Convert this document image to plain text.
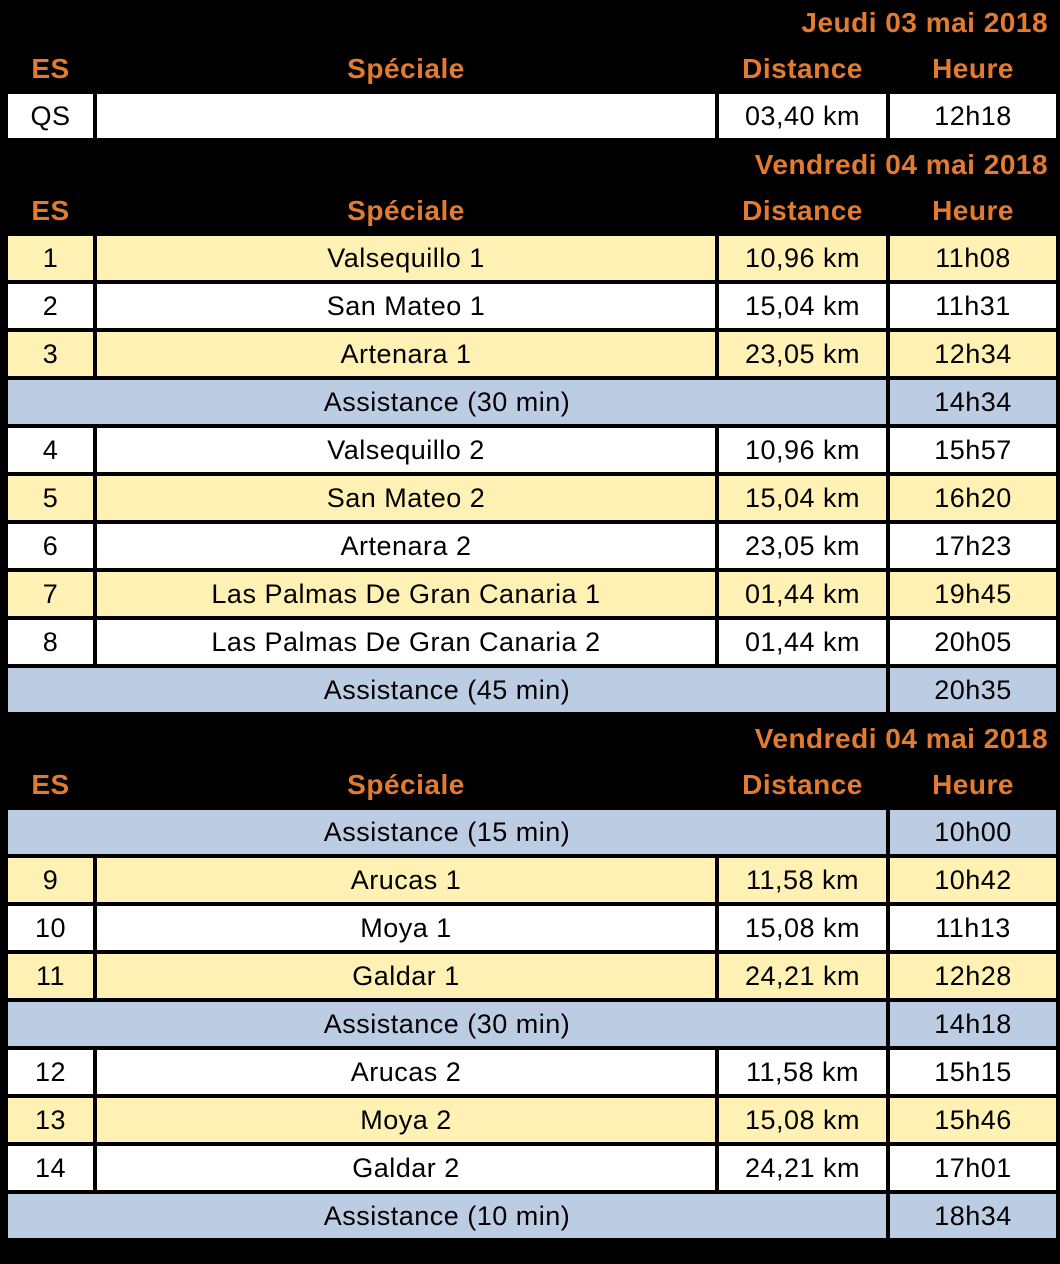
Jeudi 03 mai 2018			
ES	Spéciale	Distance	Heure
QS		03,40 km	12h18
Vendredi 04 mai 2018			
ES	Spéciale	Distance	Heure
1	Valsequillo 1	10,96 km	11h08
2	San Mateo 1	15,04 km	11h31
3	Artenara 1	23,05 km	12h34
Assistance (30 min)			14h34
4	Valsequillo 2	10,96 km	15h57
5	San Mateo 2	15,04 km	16h20
6	Artenara 2	23,05 km	17h23
7	Las Palmas De Gran Canaria 1	01,44 km	19h45
8	Las Palmas De Gran Canaria 2	01,44 km	20h05
Assistance (45 min)			20h35
Vendredi 04 mai 2018			
ES	Spéciale	Distance	Heure
Assistance (15 min)			10h00
9	Arucas 1	11,58 km	10h42
10	Moya 1	15,08 km	11h13
11	Galdar 1	24,21 km	12h28
Assistance (30 min)			14h18
12	Arucas 2	11,58 km	15h15
13	Moya 2	15,08 km	15h46
14	Galdar 2	24,21 km	17h01
Assistance (10 min)			18h34
